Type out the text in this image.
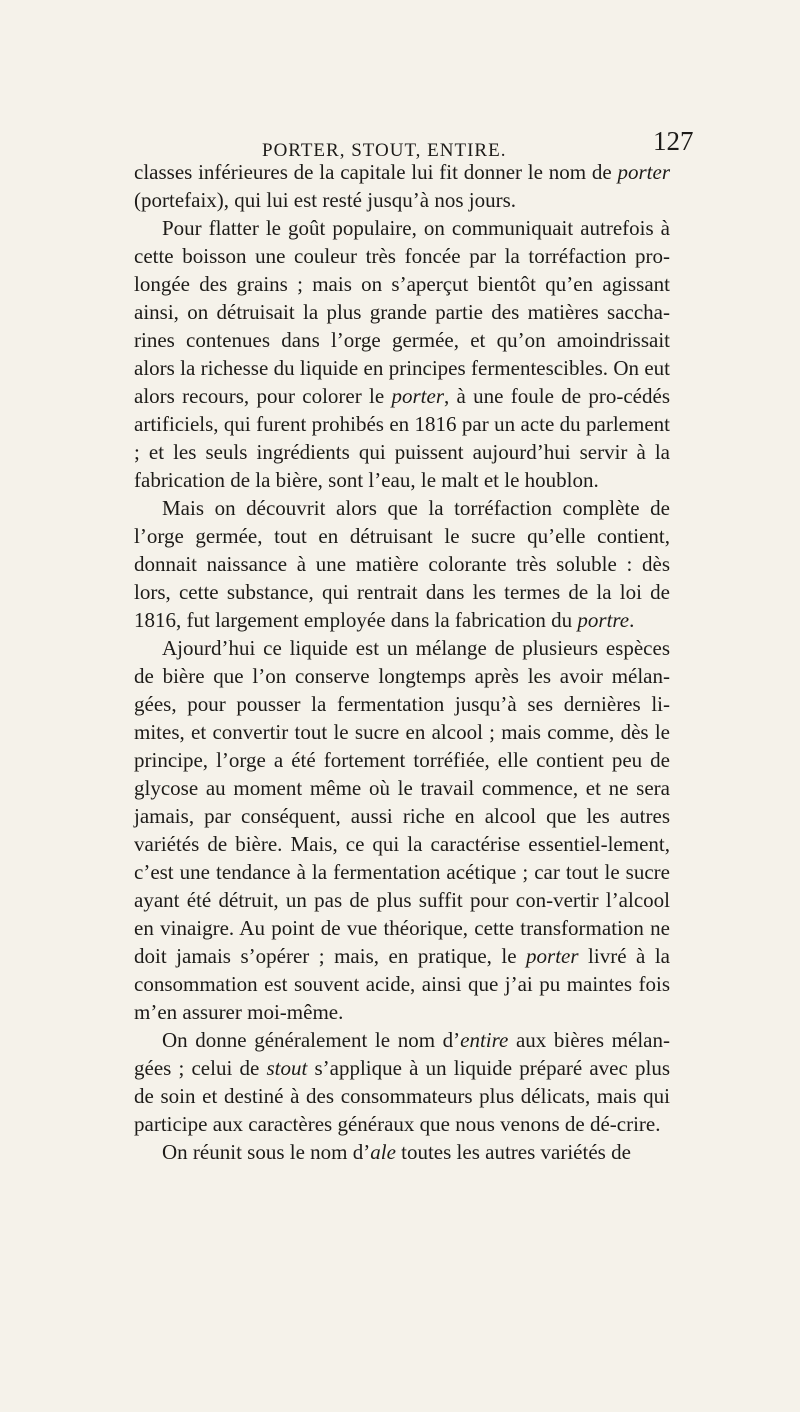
PORTER, STOUT, ENTIRE.	127

classes inférieures de la capitale lui fit donner le nom de porter (portefaix), qui lui est resté jusqu’à nos jours.

Pour flatter le goût populaire, on communiquait autrefois à cette boisson une couleur très foncée par la torréfaction pro-longée des grains ; mais on s’aperçut bientôt qu’en agissant ainsi, on détruisait la plus grande partie des matières saccha-rines contenues dans l’orge germée, et qu’on amoindrissait alors la richesse du liquide en principes fermentescibles. On eut alors recours, pour colorer le porter, à une foule de pro-cédés artificiels, qui furent prohibés en 1816 par un acte du parlement ; et les seuls ingrédients qui puissent aujourd’hui servir à la fabrication de la bière, sont l’eau, le malt et le houblon.

Mais on découvrit alors que la torréfaction complète de l’orge germée, tout en détruisant le sucre qu’elle contient, donnait naissance à une matière colorante très soluble : dès lors, cette substance, qui rentrait dans les termes de la loi de 1816, fut largement employée dans la fabrication du portre.

Ajourd’hui ce liquide est un mélange de plusieurs espèces de bière que l’on conserve longtemps après les avoir mélan-gées, pour pousser la fermentation jusqu’à ses dernières li-mites, et convertir tout le sucre en alcool ; mais comme, dès le principe, l’orge a été fortement torréfiée, elle contient peu de glycose au moment même où le travail commence, et ne sera jamais, par conséquent, aussi riche en alcool que les autres variétés de bière. Mais, ce qui la caractérise essentiel-lement, c’est une tendance à la fermentation acétique ; car tout le sucre ayant été détruit, un pas de plus suffit pour con-vertir l’alcool en vinaigre. Au point de vue théorique, cette transformation ne doit jamais s’opérer ; mais, en pratique, le porter livré à la consommation est souvent acide, ainsi que j’ai pu maintes fois m’en assurer moi-même.

On donne généralement le nom d’entire aux bières mélan-gées ; celui de stout s’applique à un liquide préparé avec plus de soin et destiné à des consommateurs plus délicats, mais qui participe aux caractères généraux que nous venons de dé-crire.

On réunit sous le nom d’ale toutes les autres variétés de
